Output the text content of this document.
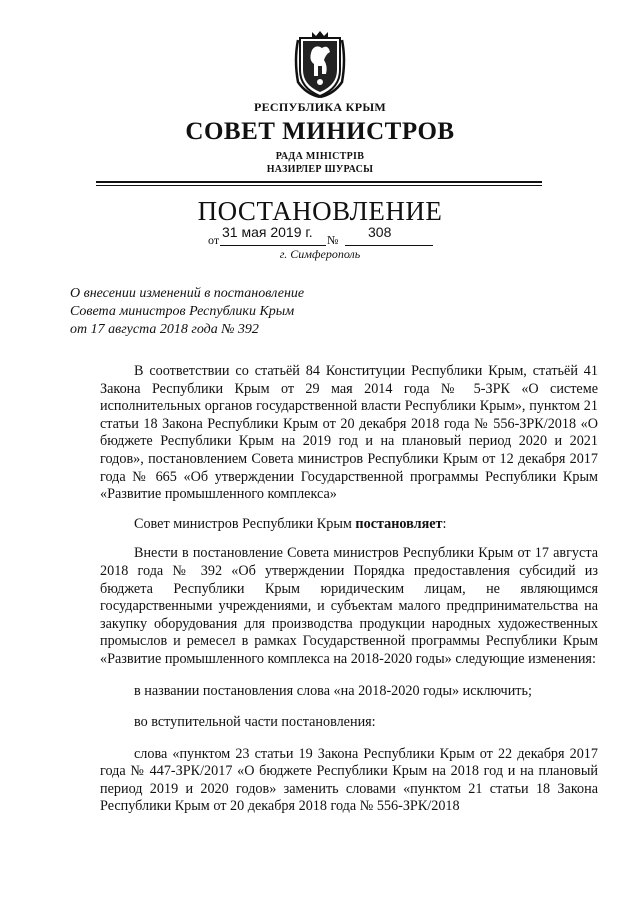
РЕСПУБЛИКА КРЫМ
СОВЕТ МИНИСТРОВ
РАДА МІНІСТРІВ
НАЗИРЛЕР ШУРАСЫ
ПОСТАНОВЛЕНИЕ
от 31 мая 2019 г. № 308
г. Симферополь
О внесении изменений в постановление
Совета министров Республики Крым
от 17 августа 2018 года № 392

В соответствии со статьёй 84 Конституции Республики Крым, статьёй 41 Закона Республики Крым от 29 мая 2014 года № 5-ЗРК «О системе исполнительных органов государственной власти Республики Крым», пунктом 21 статьи 18 Закона Республики Крым от 20 декабря 2018 года № 556-ЗРК/2018 «О бюджете Республики Крым на 2019 год и на плановый период 2020 и 2021 годов», постановлением Совета министров Республики Крым от 12 декабря 2017 года № 665 «Об утверждении Государственной программы Республики Крым «Развитие промышленного комплекса»

Совет министров Республики Крым постановляет:

Внести в постановление Совета министров Республики Крым от 17 августа 2018 года № 392 «Об утверждении Порядка предоставления субсидий из бюджета Республики Крым юридическим лицам, не являющимся государственными учреждениями, и субъектам малого предпринимательства на закупку оборудования для производства продукции народных художественных промыслов и ремесел в рамках Государственной программы Республики Крым «Развитие промышленного комплекса на 2018-2020 годы» следующие изменения:

в названии постановления слова «на 2018-2020 годы» исключить;

во вступительной части постановления:

слова «пунктом 23 статьи 19 Закона Республики Крым от 22 декабря 2017 года № 447-ЗРК/2017 «О бюджете Республики Крым на 2018 год и на плановый период 2019 и 2020 годов» заменить словами «пунктом 21 статьи 18 Закона Республики Крым от 20 декабря 2018 года № 556-ЗРК/2018
